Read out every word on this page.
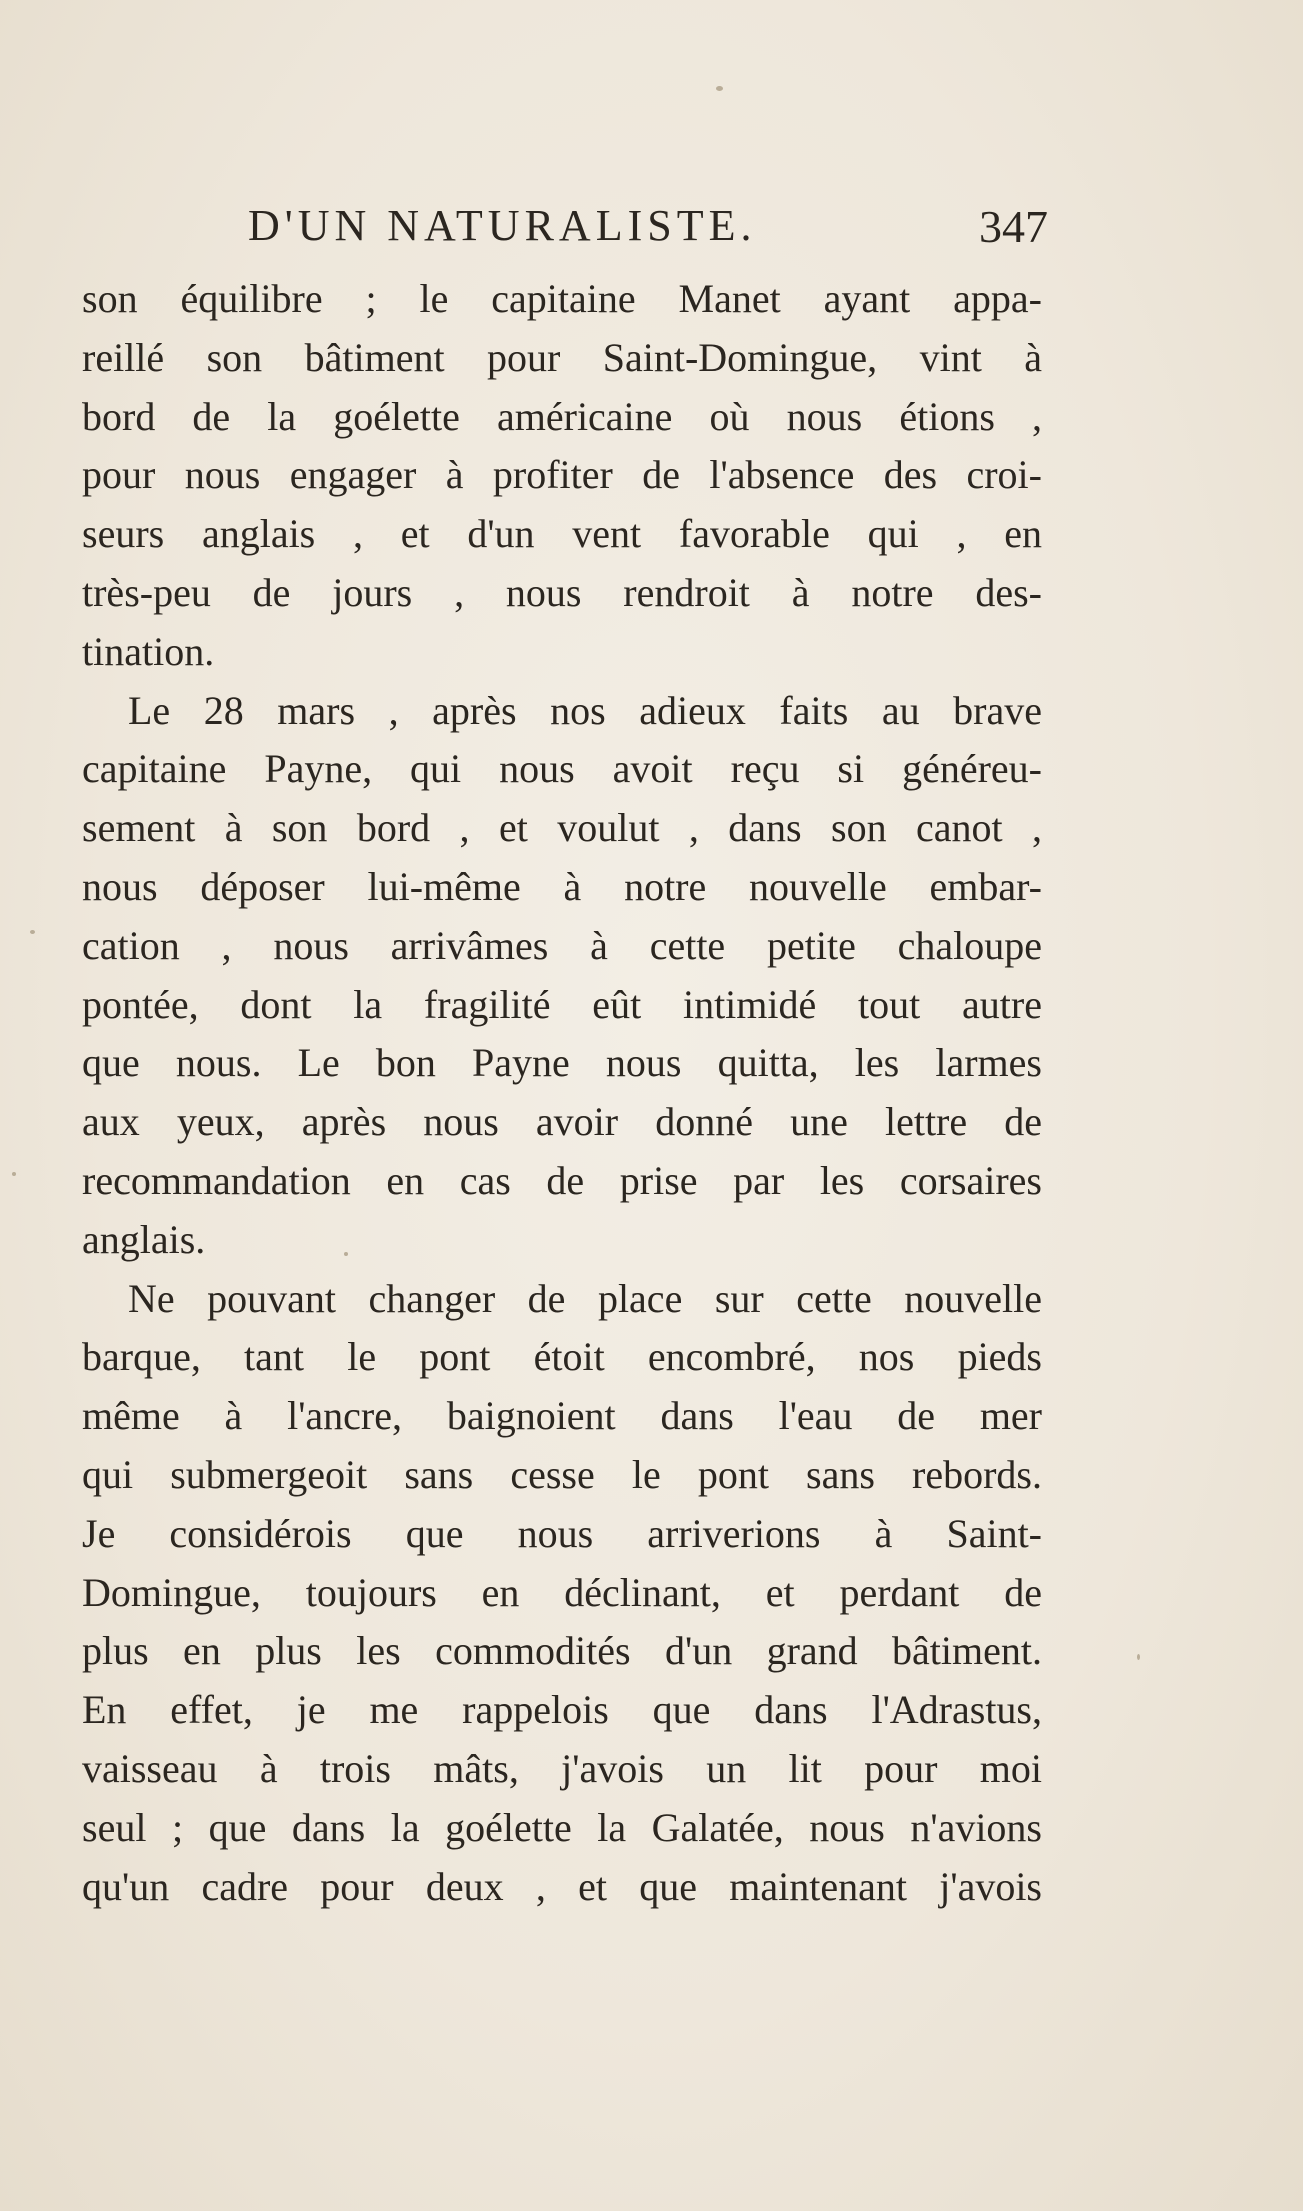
D'UN NATURALISTE.	347
son équilibre ; le capitaine Manet ayant appa-
reillé son bâtiment pour Saint-Domingue, vint à
bord de la goélette américaine où nous étions ,
pour nous engager à profiter de l'absence des croi-
seurs anglais , et d'un vent favorable qui , en
très-peu de jours , nous rendroit à notre des-
tination.
Le 28 mars , après nos adieux faits au brave
capitaine Payne, qui nous avoit reçu si généreu-
sement à son bord , et voulut , dans son canot ,
nous déposer lui-même à notre nouvelle embar-
cation , nous arrivâmes à cette petite chaloupe
pontée, dont la fragilité eût intimidé tout autre
que nous. Le bon Payne nous quitta, les larmes
aux yeux, après nous avoir donné une lettre de
recommandation en cas de prise par les corsaires
anglais.
Ne pouvant changer de place sur cette nouvelle
barque, tant le pont étoit encombré, nos pieds
même à l'ancre, baignoient dans l'eau de mer
qui submergeoit sans cesse le pont sans rebords.
Je considérois que nous arriverions à Saint-
Domingue, toujours en déclinant, et perdant de
plus en plus les commodités d'un grand bâtiment.
En effet, je me rappelois que dans l'Adrastus,
vaisseau à trois mâts, j'avois un lit pour moi
seul ; que dans la goélette la Galatée, nous n'avions
qu'un cadre pour deux , et que maintenant j'avois
